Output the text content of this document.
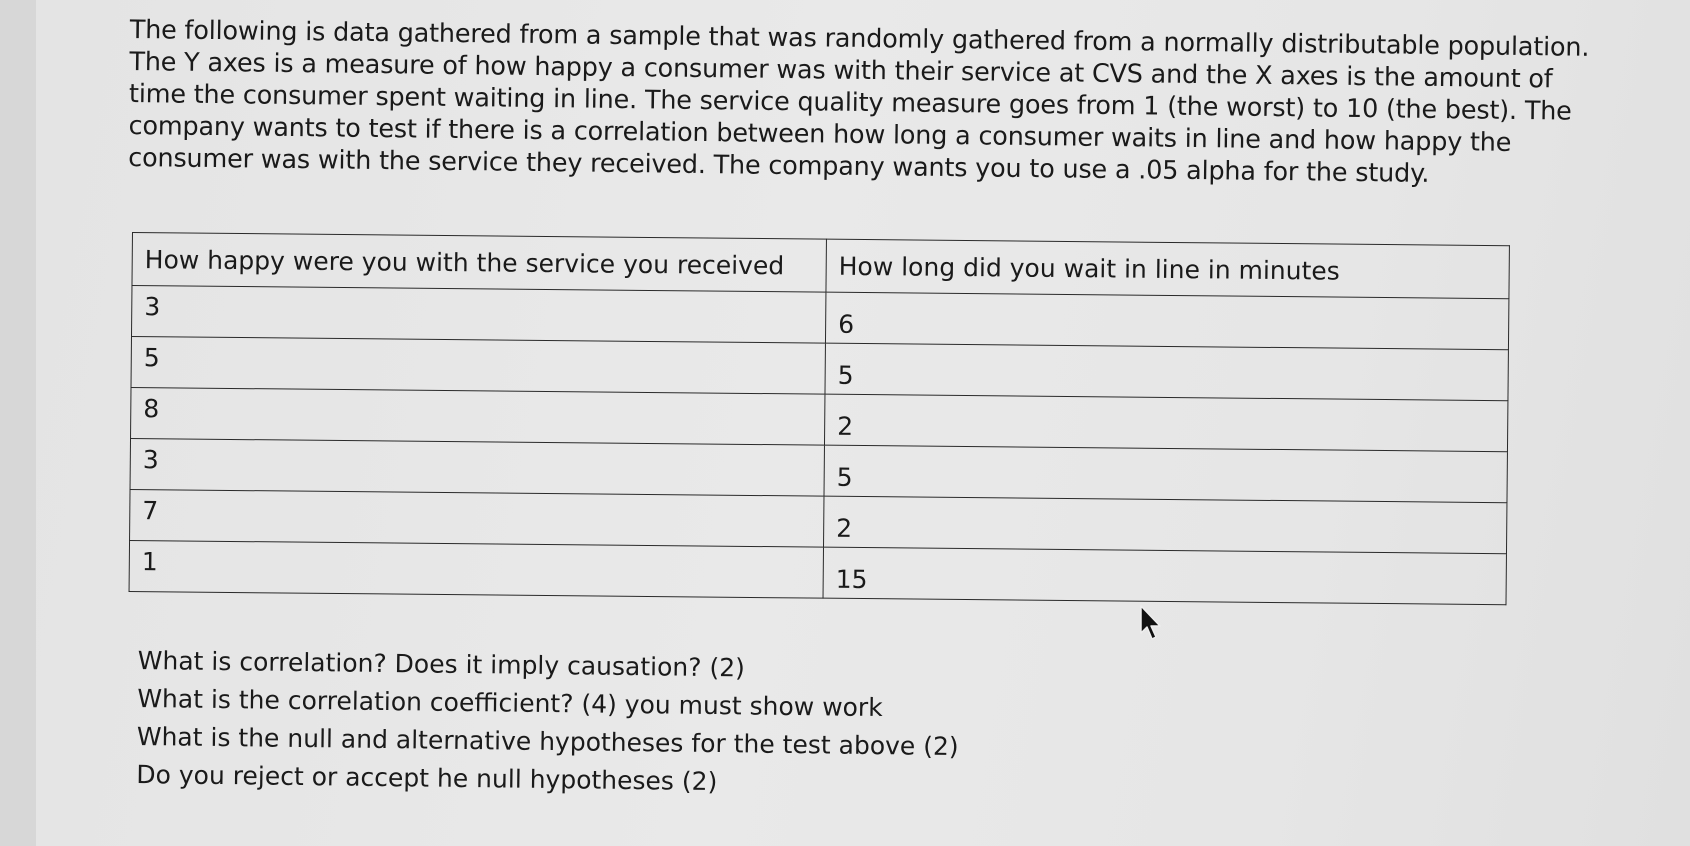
The following is data gathered from a sample that was randomly gathered from a normally distributable population. The Y axes is a measure of how happy a consumer was with their service at CVS and the X axes is the amount of time the consumer spent waiting in line. The service quality measure goes from 1 (the worst) to 10 (the best). The company wants to test if there is a correlation between how long a consumer waits in line and how happy the consumer was with the service they received. The company wants you to use a .05 alpha for the study.

How happy were you with the service you received	How long did you wait in line in minutes
3	6
5	5
8	2
3	5
7	2
1	15
What is correlation? Does it imply causation? (2)
What is the correlation coefficient? (4) you must show work
What is the null and alternative hypotheses for the test above (2)
Do you reject or accept he null hypotheses (2)
